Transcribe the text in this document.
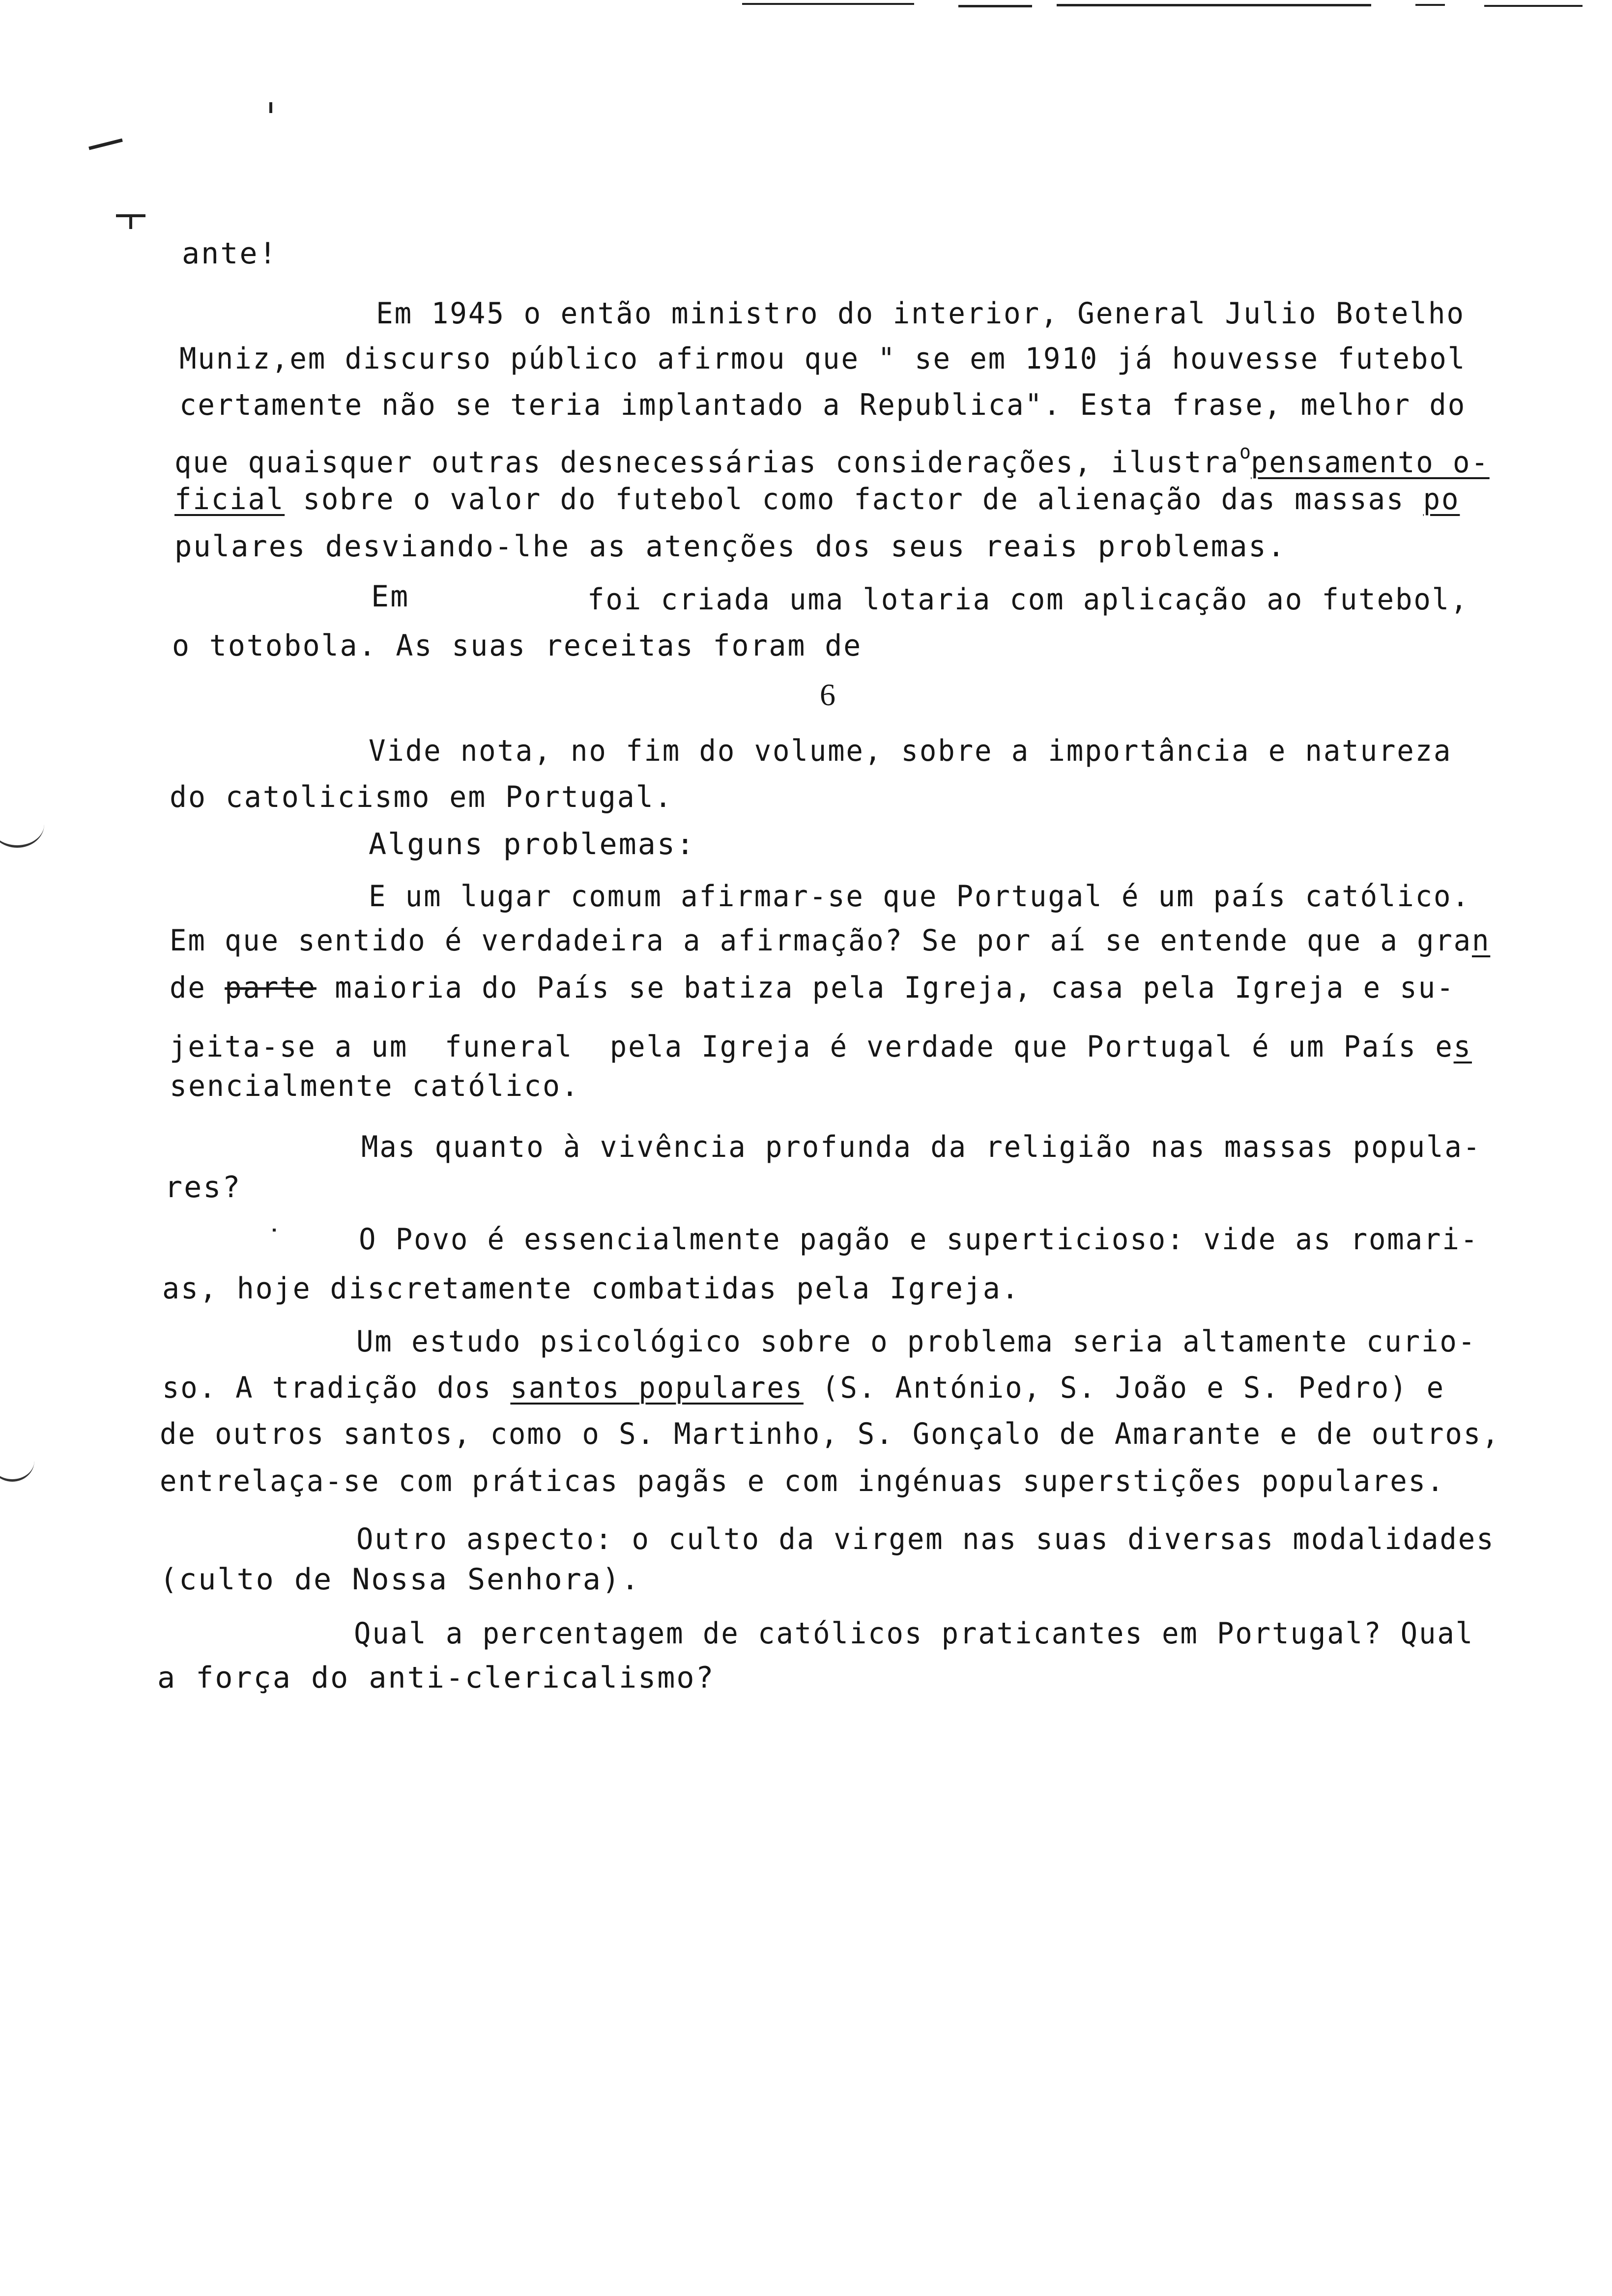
ante!

Em 1945 o então ministro do interior, General Julio Botelho

Muniz,em discurso público afirmou que " se em 1910 já houvesse futebol

certamente não se teria implantado a Republica". Esta frase, melhor do

que quaisquer outras desnecessárias considerações, ilustra$^o$pensamento o-

ficial sobre o valor do futebol como factor de alienação das massas po

pulares desviando-lhe as atenções dos seus reais problemas.

Em	foi criada uma lotaria com aplicação ao futebol,

o totobola. As suas receitas foram de

6

Vide nota, no fim do volume, sobre a importância e natureza

do catolicismo em Portugal.

Alguns problemas:

E um lugar comum afirmar-se que Portugal é um país católico.

Em que sentido é verdadeira a afirmação? Se por aí se entende que a gran

de parte maioria do País se batiza pela Igreja, casa pela Igreja e su-

jeita-se a um  funeral  pela Igreja é verdade que Portugal é um País es

sencialmente católico.

Mas quanto à vivência profunda da religião nas massas popula-

res?

O Povo é essencialmente pagão e superticioso: vide as romari-

as, hoje discretamente combatidas pela Igreja.

Um estudo psicológico sobre o problema seria altamente curio-

so. A tradição dos santos populares (S. António, S. João e S. Pedro) e

de outros santos, como o S. Martinho, S. Gonçalo de Amarante e de outros,

entrelaça-se com práticas pagãs e com ingénuas superstições populares.

Outro aspecto: o culto da virgem nas suas diversas modalidades

(culto de Nossa Senhora).

Qual a percentagem de católicos praticantes em Portugal? Qual

a força do anti-clericalismo?
